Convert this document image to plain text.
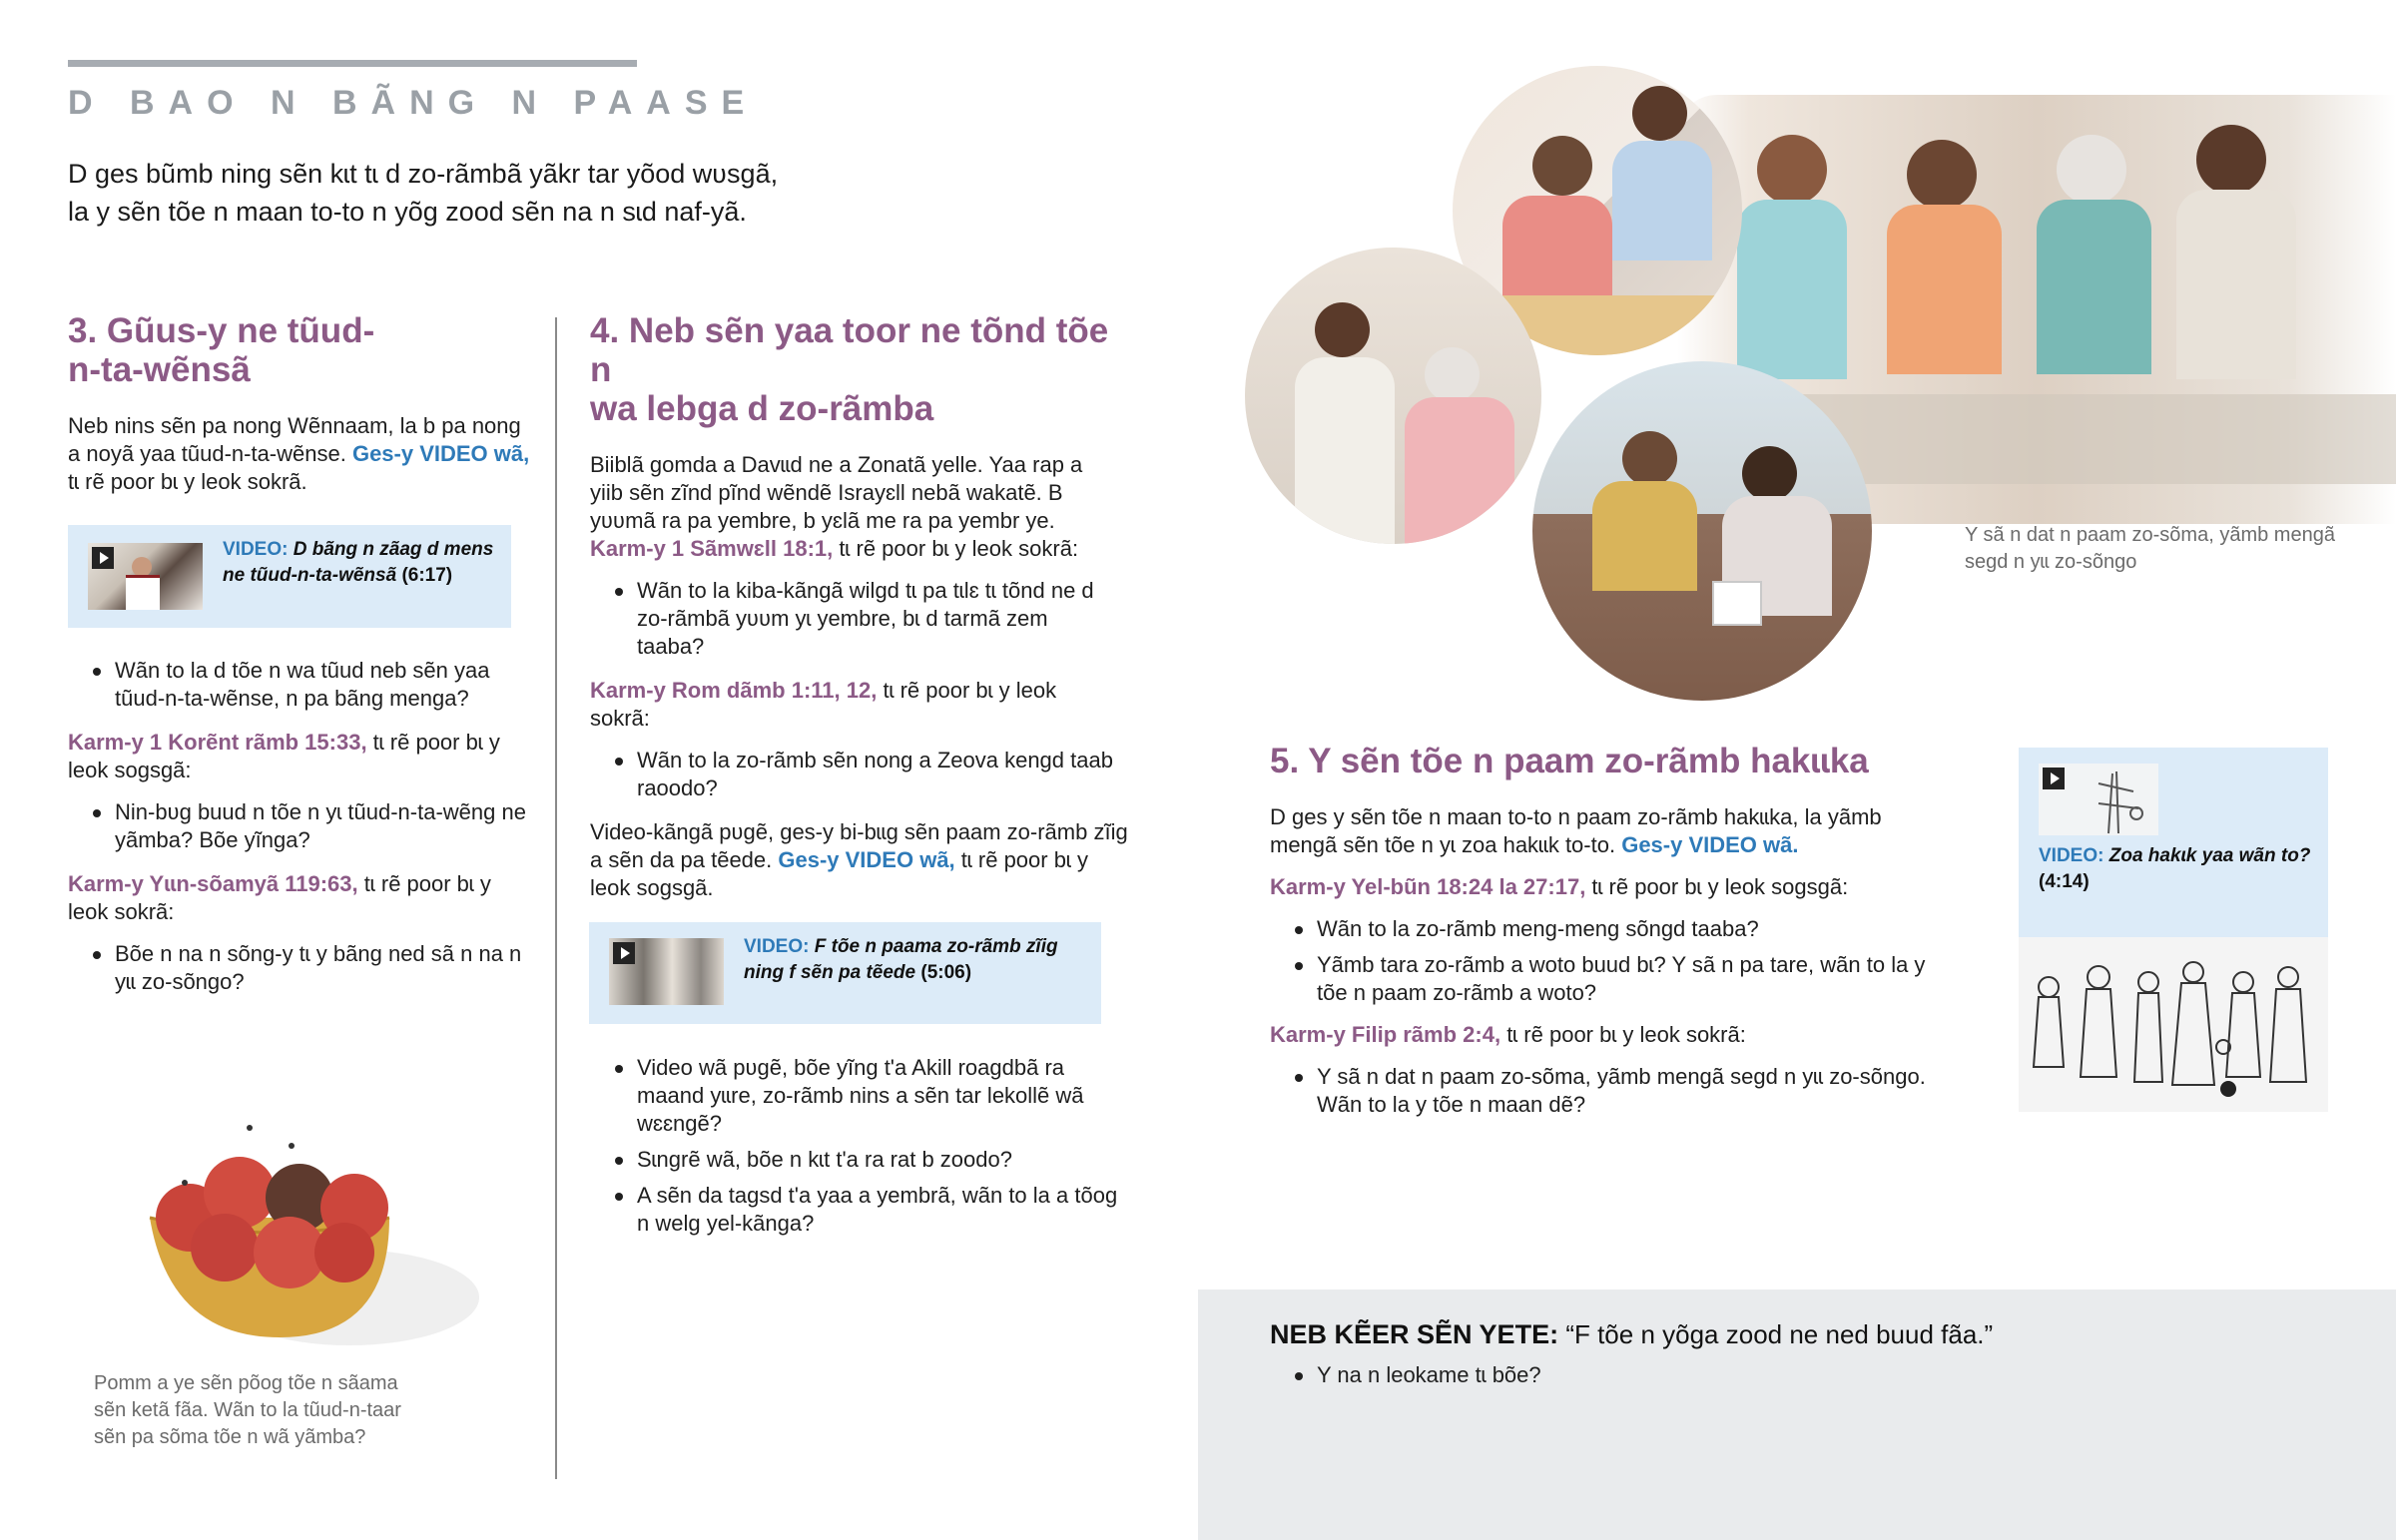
D BAO N BÃNG N PAASE
D ges bũmb ning sẽn kɩt tɩ d zo-rãmbã yãkr tar yõod wʋsgã,
la y sẽn tõe n maan to-to n yõg zood sẽn na n sɩd naf-yã.
3. Gũus-y ne tũud-
n-ta-wẽnsã
Neb nins sẽn pa nong Wẽnnaam, la b pa nong a noyã yaa tũud-n-ta-wẽnse. Ges-y VIDEO wã, tɩ rẽ poor bɩ y leok sokrã.
VIDEO: D bãng n zãag d mens ne tũud-n-ta-wẽnsã (6:17)
Wãn to la d tõe n wa tũud neb sẽn yaa tũud-n-ta-wẽnse, n pa bãng menga?
Karm-y 1 Korẽnt rãmb 15:33, tɩ rẽ poor bɩ y leok sogsgã:
Nin-bʋg buud n tõe n yɩ tũud-n-ta-wẽng ne yãmba? Bõe yĩnga?
Karm-y Yɩɩn-sõamyã 119:63, tɩ rẽ poor bɩ y leok sokrã:
Bõe n na n sõng-y tɩ y bãng ned sã n na n yɩɩ zo-sõngo?
Pomm a ye sẽn põog tõe n sãama sẽn ketã fãa. Wãn to la tũud-n-taar sẽn pa sõma tõe n wã yãmba?
4. Neb sẽn yaa toor ne tõnd tõe n
wa lebga d zo-rãmba
Biiblã gomda a Davɩɩd ne a Zonatã yelle. Yaa rap a yiib sẽn zĩnd pĩnd wẽndẽ Israyɛll nebã wakatẽ. B yʋʋmã ra pa yembre, b yɛlã me ra pa yembr ye.
Karm-y 1 Sãmwɛll 18:1, tɩ rẽ poor bɩ y leok sokrã:
Wãn to la kiba-kãngã wilgd tɩ pa tɩlɛ tɩ tõnd ne d zo-rãmbã yʋʋm yɩ yembre, bɩ d tarmã zem taaba?
Karm-y Rom dãmb 1:11, 12, tɩ rẽ poor bɩ y leok sokrã:
Wãn to la zo-rãmb sẽn nong a Zeova kengd taab raoodo?
Video-kãngã pʋgẽ, ges-y bi-bɩɩg sẽn paam zo-rãmb zĩig a sẽn da pa tẽede. Ges-y VIDEO wã, tɩ rẽ poor bɩ y leok sogsgã.
VIDEO: F tõe n paama zo-rãmb zĩig ning f sẽn pa tẽede (5:06)
Video wã pʋgẽ, bõe yĩng t'a Akill roagdbã ra maand yɩɩre, zo-rãmb nins a sẽn tar lekollẽ wã wɛɛngẽ?
Sɩngrẽ wã, bõe n kɩt t'a ra rat b zoodo?
A sẽn da tagsd t'a yaa a yembrã, wãn to la a tõog n welg yel-kãnga?
Y sã n dat n paam zo-sõma, yãmb mengã segd n yɩɩ zo-sõngo
5. Y sẽn tõe n paam zo-rãmb hakɩɩka
D ges y sẽn tõe n maan to-to n paam zo-rãmb hakɩɩka, la yãmb mengã sẽn tõe n yɩ zoa hakɩɩk to-to. Ges-y VIDEO wã.
Karm-y Yel-bũn 18:24 la 27:17, tɩ rẽ poor bɩ y leok sogsgã:
Wãn to la zo-rãmb meng-meng sõngd taaba?
Yãmb tara zo-rãmb a woto buud bɩ? Y sã n pa tare, wãn to la y tõe n paam zo-rãmb a woto?
Karm-y Filip rãmb 2:4, tɩ rẽ poor bɩ y leok sokrã:
Y sã n dat n paam zo-sõma, yãmb mengã segd n yɩɩ zo-sõngo. Wãn to la y tõe n maan dẽ?
VIDEO: Zoa hakɩk yaa wãn to? (4:14)
NEB KẼER SẼN YETE: “F tõe n yõga zood ne ned buud fãa.”
Y na n leokame tɩ bõe?
